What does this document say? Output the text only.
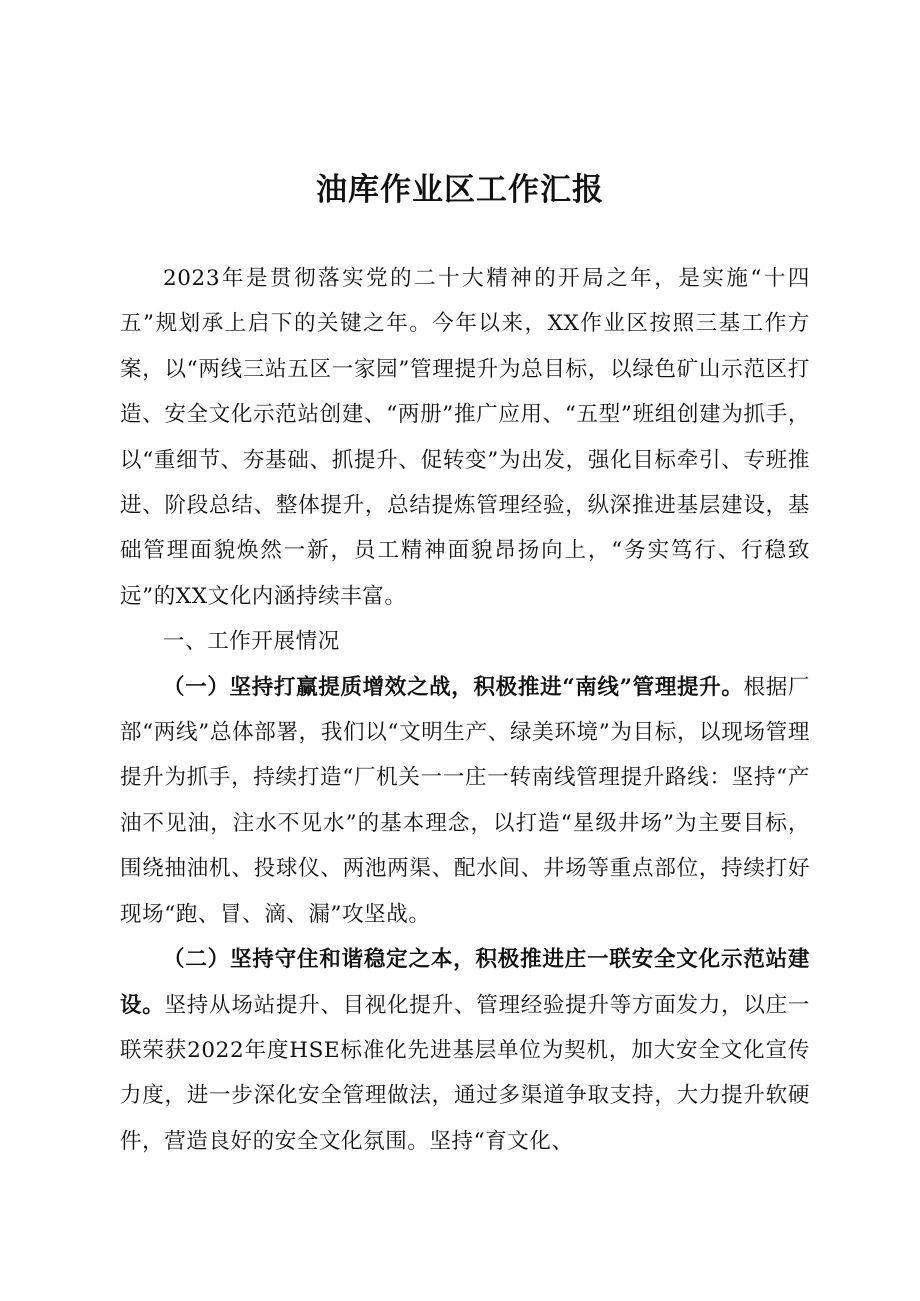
油库作业区工作汇报

2023年是贯彻落实党的二十大精神的开局之年，是实施“十四五”规划承上启下的关键之年。今年以来，XX作业区按照三基工作方案，以“两线三站五区一家园”管理提升为总目标，以绿色矿山示范区打造、安全文化示范站创建、“两册”推广应用、“五型”班组创建为抓手，以“重细节、夯基础、抓提升、促转变”为出发，强化目标牵引、专班推进、阶段总结、整体提升，总结提炼管理经验，纵深推进基层建设，基础管理面貌焕然一新，员工精神面貌昂扬向上，“务实笃行、行稳致远”的XX文化内涵持续丰富。

一、工作开展情况

（一）坚持打赢提质增效之战，积极推进“南线”管理提升。根据厂部“两线”总体部署，我们以“文明生产、绿美环境”为目标，以现场管理提升为抓手，持续打造“厂机关一一庄一转南线管理提升路线：坚持“产油不见油，注水不见水”的基本理念，以打造“星级井场”为主要目标，围绕抽油机、投球仪、两池两渠、配水间、井场等重点部位，持续打好现场“跑、冒、滴、漏”攻坚战。

（二）坚持守住和谐稳定之本，积极推进庄一联安全文化示范站建设。坚持从场站提升、目视化提升、管理经验提升等方面发力，以庄一联荣获2022年度HSE标准化先进基层单位为契机，加大安全文化宣传力度，进一步深化安全管理做法，通过多渠道争取支持，大力提升软硬件，营造良好的安全文化氛围。坚持“育文化、
